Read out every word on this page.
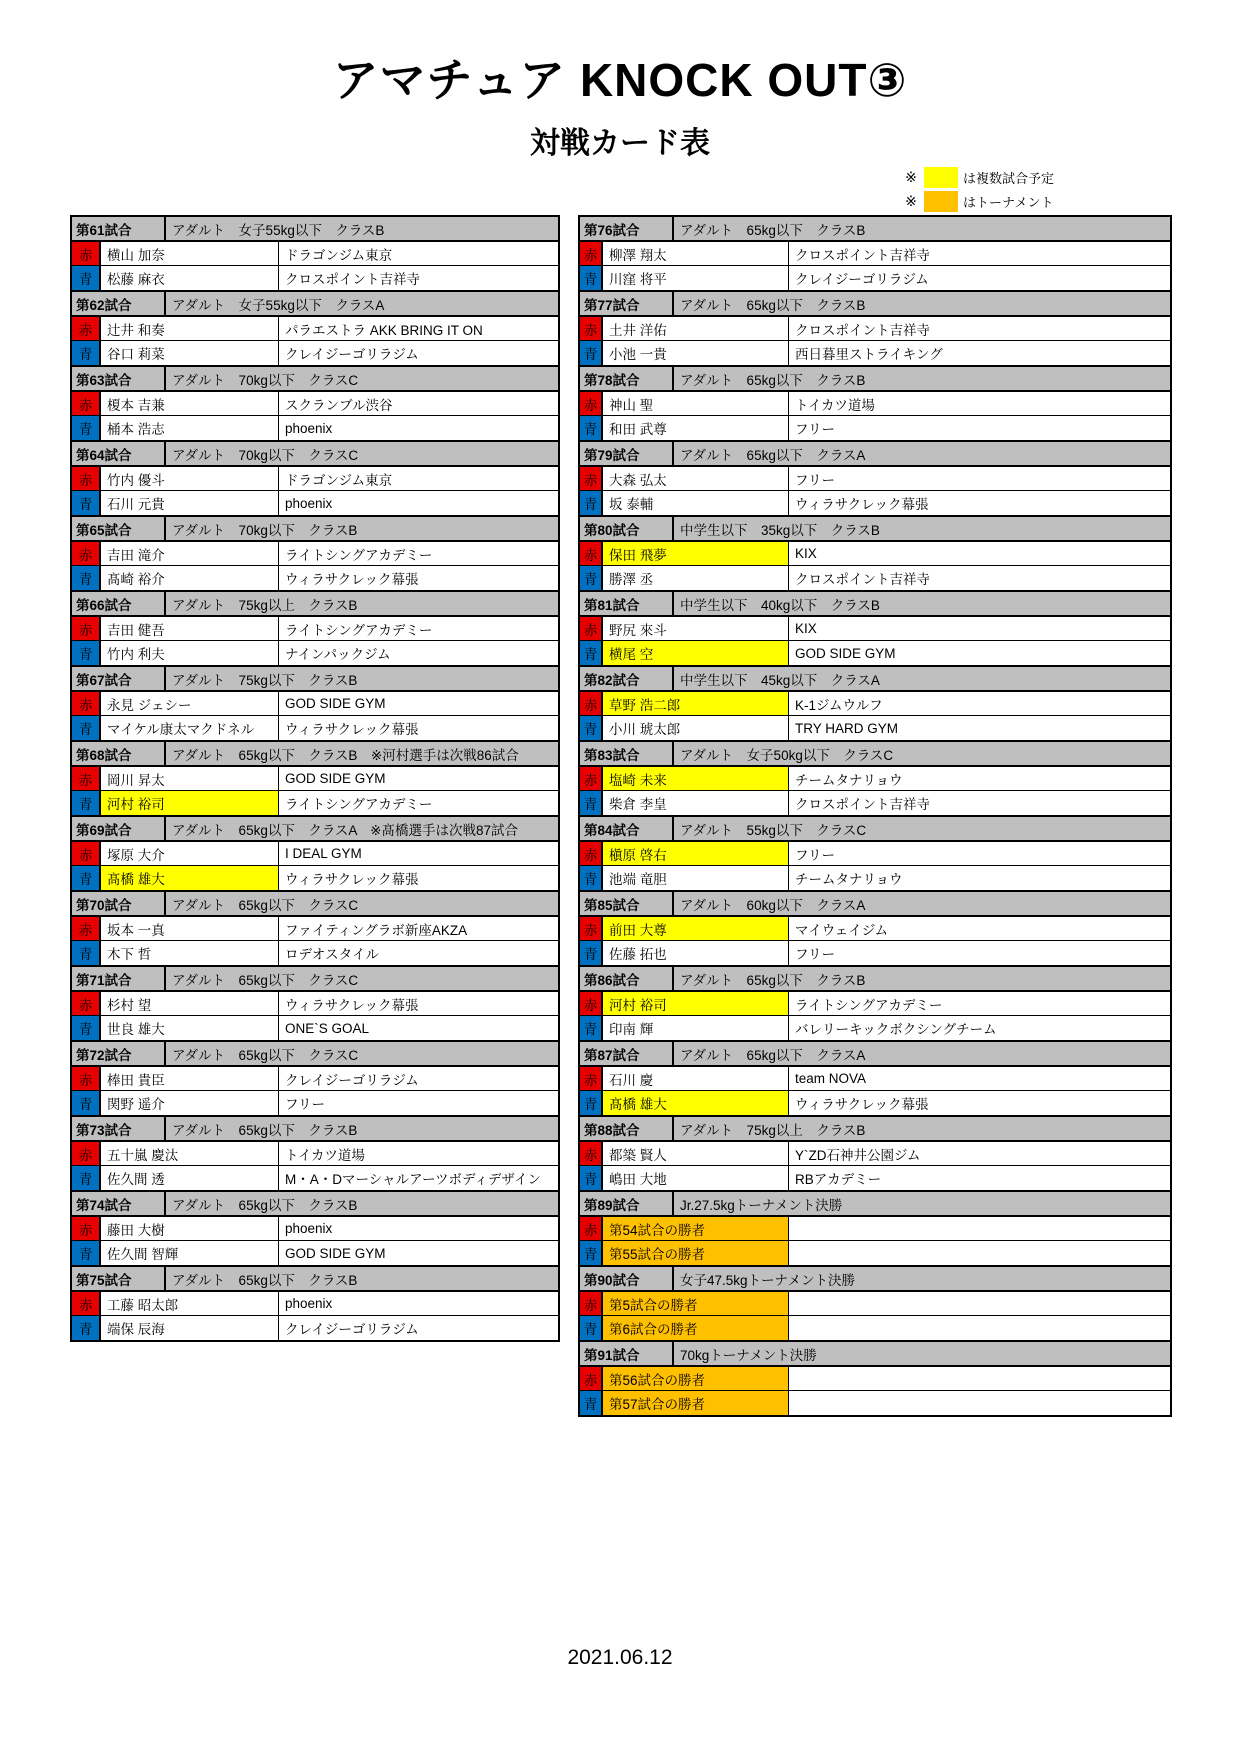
アマチュア KNOCK OUT③
対戦カード表
※	は複数試合予定
※	はトーナメント
第61試合	アダルト　女子55kg以下　クラスB
赤	横山 加奈	ドラゴンジム東京
青	松藤 麻衣	クロスポイント吉祥寺
第62試合	アダルト　女子55kg以下　クラスA
赤	辻井 和奏	パラエストラ AKK BRING IT ON
青	谷口 莉菜	クレイジーゴリラジム
第63試合	アダルト　70kg以下　クラスC
赤	榎本 吉兼	スクランブル渋谷
青	桶本 浩志	phoenix
第64試合	アダルト　70kg以下　クラスC
赤	竹内 優斗	ドラゴンジム東京
青	石川 元貴	phoenix
第65試合	アダルト　70kg以下　クラスB
赤	吉田 滝介	ライトシングアカデミー
青	髙崎 裕介	ウィラサクレック幕張
第66試合	アダルト　75kg以上　クラスB
赤	吉田 健吾	ライトシングアカデミー
青	竹内 利夫	ナインパックジム
第67試合	アダルト　75kg以下　クラスB
赤	永見 ジェシー	GOD SIDE GYM
青	マイケル康太マクドネル	ウィラサクレック幕張
第68試合	アダルト　65kg以下　クラスB　※河村選手は次戦86試合
赤	岡川 昇太	GOD SIDE GYM
青	河村 裕司	ライトシングアカデミー
第69試合	アダルト　65kg以下　クラスA　※髙橋選手は次戦87試合
赤	塚原 大介	I DEAL GYM
青	髙橋 雄大	ウィラサクレック幕張
第70試合	アダルト　65kg以下　クラスC
赤	坂本 一真	ファイティングラボ新座AKZA
青	木下 哲	ロデオスタイル
第71試合	アダルト　65kg以下　クラスC
赤	杉村 望	ウィラサクレック幕張
青	世良 雄大	ONE`S GOAL
第72試合	アダルト　65kg以下　クラスC
赤	棒田 貴臣	クレイジーゴリラジム
青	関野 遥介	フリー
第73試合	アダルト　65kg以下　クラスB
赤	五十嵐 慶汰	トイカツ道場
青	佐久間 透	M・A・Dマーシャルアーツボディデザイン
第74試合	アダルト　65kg以下　クラスB
赤	藤田 大樹	phoenix
青	佐久間 智輝	GOD SIDE GYM
第75試合	アダルト　65kg以下　クラスB
赤	工藤 昭太郎	phoenix
青	端保 辰海	クレイジーゴリラジム
第76試合	アダルト　65kg以下　クラスB
赤 柳澤 翔太	クロスポイント吉祥寺
青 川窪 将平	クレイジーゴリラジム
第77試合	アダルト　65kg以下　クラスB
赤 土井 洋佑	クロスポイント吉祥寺
青 小池 一貴	西日暮里ストライキング
第78試合	アダルト　65kg以下　クラスB
赤 神山 聖	トイカツ道場
青 和田 武尊	フリー
第79試合	アダルト　65kg以下　クラスA
赤 大森 弘太	フリー
青 坂 泰輔	ウィラサクレック幕張
第80試合	中学生以下　35kg以下　クラスB
赤 保田 飛夢	KIX
青 勝澤 丞	クロスポイント吉祥寺
第81試合	中学生以下　40kg以下　クラスB
赤 野尻 來斗	KIX
青 横尾 空	GOD SIDE GYM
第82試合	中学生以下　45kg以下　クラスA
赤 草野 浩二郎	K-1ジムウルフ
青 小川 琥太郎	TRY HARD GYM
第83試合	アダルト　女子50kg以下　クラスC
赤 塩崎 未来	チームタナリョウ
青 柴倉 李皇	クロスポイント吉祥寺
第84試合	アダルト　55kg以下　クラスC
赤 槇原 啓右	フリー
青 池端 竜胆	チームタナリョウ
第85試合	アダルト　60kg以下　クラスA
赤 前田 大尊	マイウェイジム
青 佐藤 拓也	フリー
第86試合	アダルト　65kg以下　クラスB
赤 河村 裕司	ライトシングアカデミー
青 印南 輝	バレリーキックボクシングチーム
第87試合	アダルト　65kg以下　クラスA
赤 石川 慶	team NOVA
青 髙橋 雄大	ウィラサクレック幕張
第88試合	アダルト　75kg以上　クラスB
赤 都築 賢人	Y`ZD石神井公園ジム
青 嶋田 大地	RBアカデミー
第89試合	Jr.27.5kgトーナメント決勝
赤 第54試合の勝者
青 第55試合の勝者
第90試合	女子47.5kgトーナメント決勝
赤 第5試合の勝者
青 第6試合の勝者
第91試合	70kgトーナメント決勝
赤 第56試合の勝者
青 第57試合の勝者
2021.06.12
